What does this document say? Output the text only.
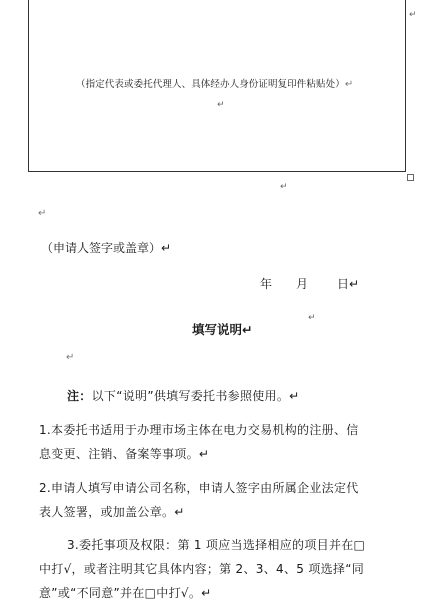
↵
（指定代表或委托代理人、具体经办人身份证明复印件粘贴处）↵
↵
↵
↵
（申请人签字或盖章）↵
年 月 日↵
↵
填写说明↵
↵
注：以下“说明”供填写委托书参照使用。↵
1.本委托书适用于办理市场主体在电力交易机构的注册、信
息变更、注销、备案等事项。↵
2.申请人填写申请公司名称，申请人签字由所属企业法定代
表人签署，或加盖公章。↵
3.委托事项及权限：第 1 项应当选择相应的项目并在□
中打√，或者注明其它具体内容；第 2、3、4、5 项选择“同
意”或“不同意”并在□中打√。↵
